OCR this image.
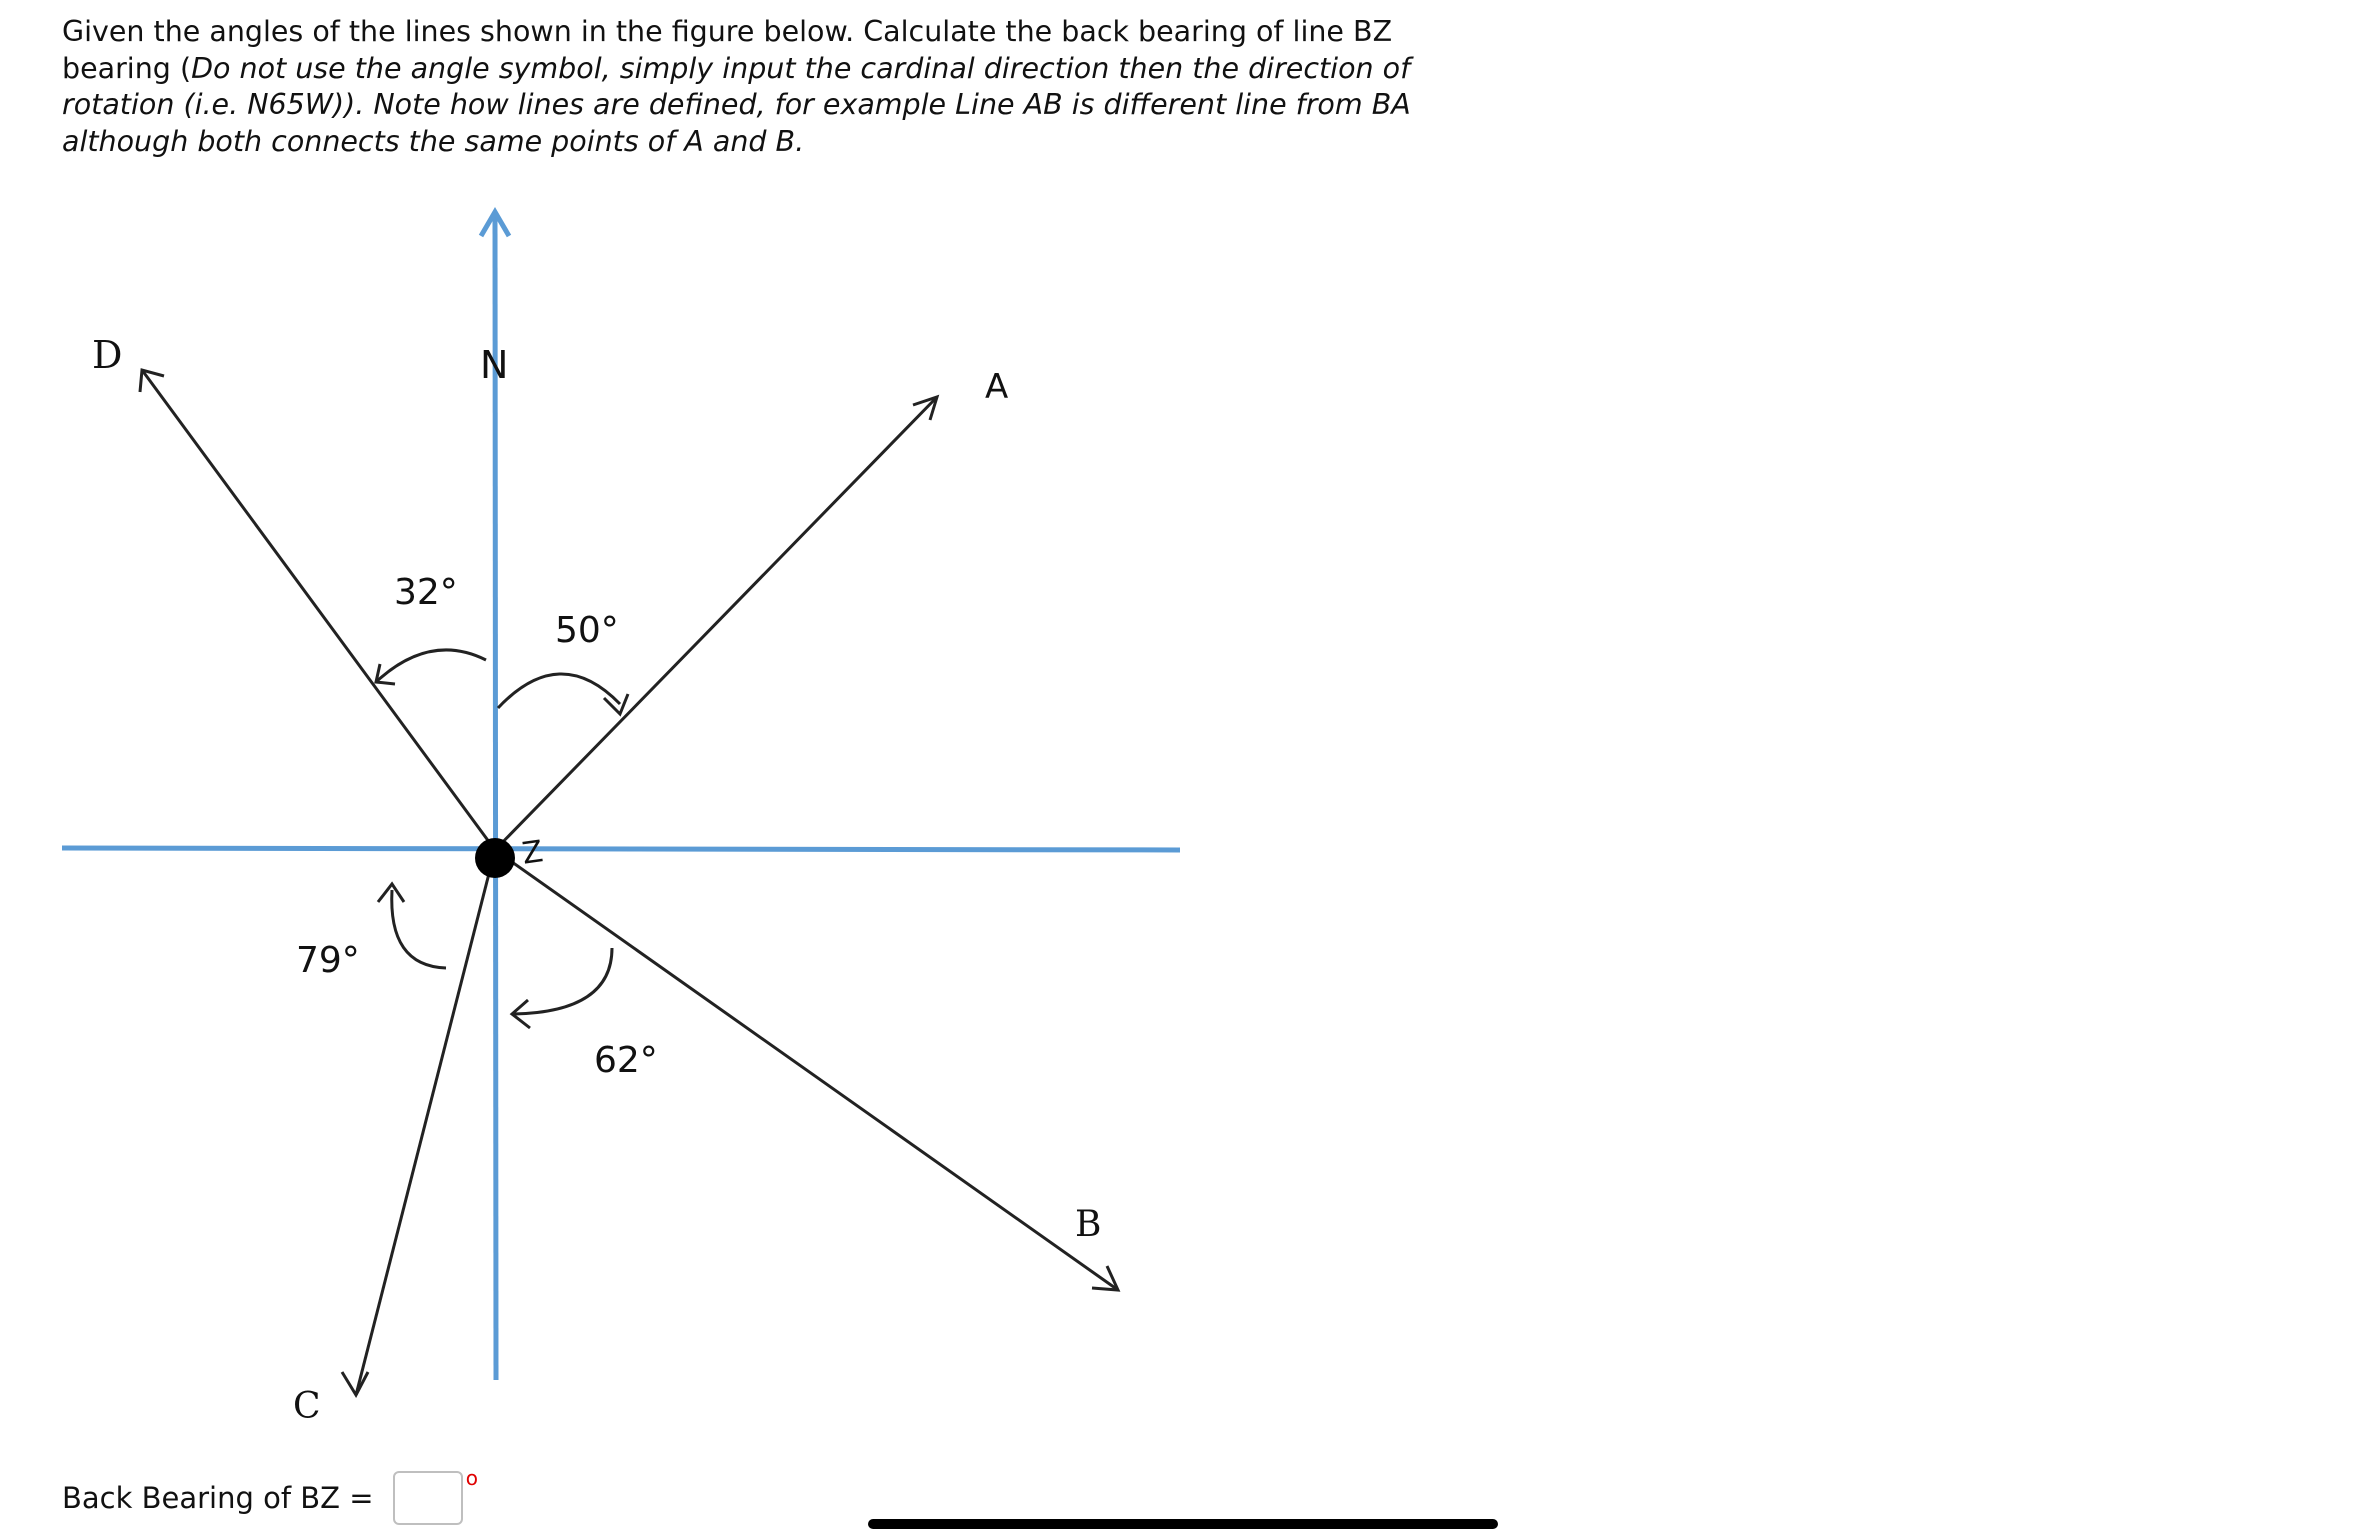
Given the angles of the lines shown in the figure below. Calculate the back bearing of line BZ bearing (Do not use the angle symbol, simply input the cardinal direction then the direction of rotation (i.e. N65W)). Note how lines are defined, for example Line AB is different line from BA although both connects the same points of A and B.

N	A
B
C
D
Z
32°
50°
79°
62°
Back Bearing of BZ =
o
